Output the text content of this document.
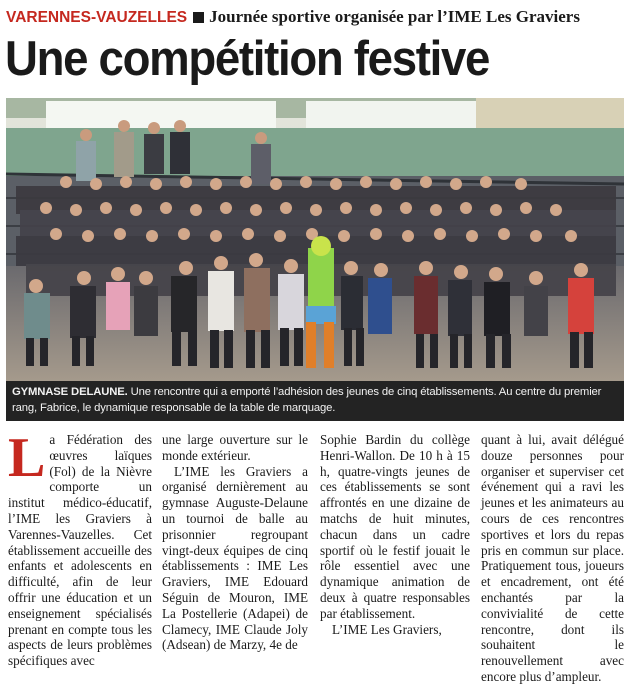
VARENNES-VAUZELLES Journée sportive organisée par l’IME Les Graviers
Une compétition festive
GYMNASE DELAUNE. Une rencontre qui a emporté l’adhésion des jeunes de cinq établissements. Au centre du premier rang, Fabrice, le dynamique responsable de la table de marquage.
La Fédération des œuvres laïques (Fol) de la Nièvre comporte un institut médico-éducatif, l’IME les Graviers à Varennes-Vauzelles. Cet établissement accueille des enfants et adolescents en difficulté, afin de leur offrir une éducation et un enseignement spécialisés prenant en compte tous les aspects de leurs problèmes spécifiques avec

une large ouverture sur le monde extérieur.

L’IME les Graviers a organisé dernièrement au gymnase Auguste-Delaune un tournoi de balle au prisonnier regroupant vingt-deux équipes de cinq établissements : IME Les Graviers, IME Edouard Séguin de Mouron, IME La Postellerie (Adapei) de Clamecy, IME Claude Joly (Adsean) de Marzy, 4e de

Sophie Bardin du collège Henri-Wallon. De 10 h à 15 h, quatre-vingts jeunes de ces établissements se sont affrontés en une dizaine de matchs de huit minutes, chacun dans un cadre sportif où le festif jouait le rôle essentiel avec une dynamique animation de deux à quatre responsables par établissement.

L’IME Les Graviers,

quant à lui, avait délégué douze personnes pour organiser et superviser cet événement qui a ravi les jeunes et les animateurs au cours de ces rencontres sportives et lors du repas pris en commun sur place. Pratiquement tous, joueurs et encadrement, ont été enchantés par la convivialité de cette rencontre, dont ils souhaitent le renouvellement avec encore plus d’ampleur.
